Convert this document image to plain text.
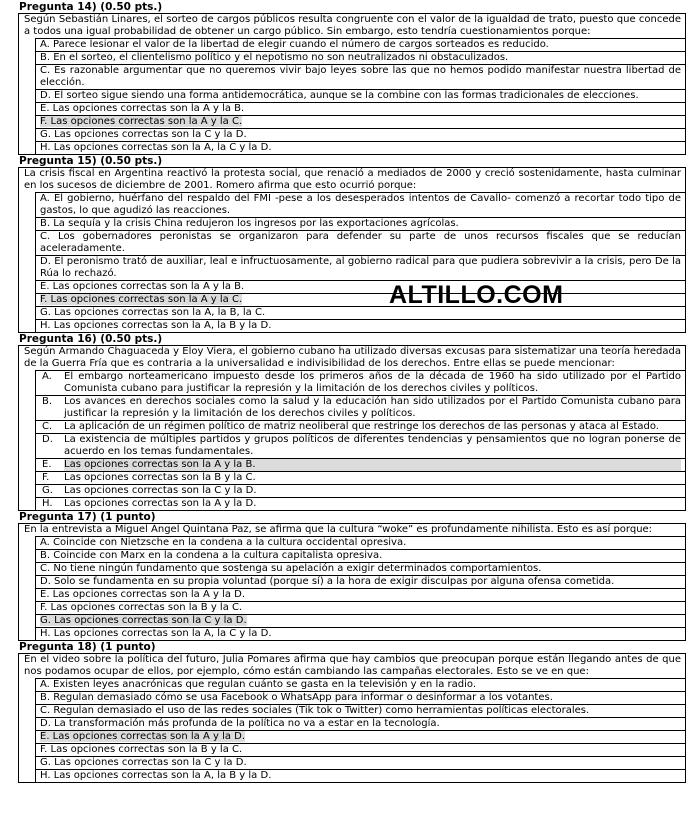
Pregunta 14) (0.50 pts.)
Según Sebastián Linares, el sorteo de cargos públicos resulta congruente con el valor de la igualdad de trato, puesto que concede a todos una igual probabilidad de obtener un cargo público. Sin embargo, esto tendría cuestionamientos porque:
A. Parece lesionar el valor de la libertad de elegir cuando el número de cargos sorteados es reducido.
B. En el sorteo, el clientelismo político y el nepotismo no son neutralizados ni obstaculizados.
C. Es razonable argumentar que no queremos vivir bajo leyes sobre las que no hemos podido manifestar nuestra libertad de elección.
D. El sorteo sigue siendo una forma antidemocrática, aunque se la combine con las formas tradicionales de elecciones.
E. Las opciones correctas son la A y la B.
F. Las opciones correctas son la A y la C.
G. Las opciones correctas son la C y la D.
H. Las opciones correctas son la A, la C y la D.
Pregunta 15) (0.50 pts.)
La crisis fiscal en Argentina reactivó la protesta social, que renació a mediados de 2000 y creció sostenidamente, hasta culminar en los sucesos de diciembre de 2001. Romero afirma que esto ocurrió porque:
A. El gobierno, huérfano del respaldo del FMI -pese a los desesperados intentos de Cavallo- comenzó a recortar todo tipo de gastos, lo que agudizó las reacciones.
B. La sequía y la crisis China redujeron los ingresos por las exportaciones agrícolas.
C. Los gobernadores peronistas se organizaron para defender su parte de unos recursos fiscales que se reducían aceleradamente.
D. El peronismo trató de auxiliar, leal e infructuosamente, al gobierno radical para que pudiera sobrevivir a la crisis, pero De la Rúa lo rechazó.
E. Las opciones correctas son la A y la B.
F. Las opciones correctas son la A y la C.
G. Las opciones correctas son la A, la B, la C.
H. Las opciones correctas son la A, la B y la D.
Pregunta 16) (0.50 pts.)
Según Armando Chaguaceda y Eloy Viera, el gobierno cubano ha utilizado diversas excusas para sistematizar una teoría heredada de la Guerra Fría que es contraria a la universalidad e indivisibilidad de los derechos. Entre ellas se puede mencionar:
A.	El embargo norteamericano impuesto desde los primeros años de la década de 1960 ha sido utilizado por el Partido Comunista cubano para justificar la represión y la limitación de los derechos civiles y políticos.
B.	Los avances en derechos sociales como la salud y la educación han sido utilizados por el Partido Comunista cubano para justificar la represión y la limitación de los derechos civiles y políticos.
C.	La aplicación de un régimen político de matriz neoliberal que restringe los derechos de las personas y ataca al Estado.
D.	La existencia de múltiples partidos y grupos políticos de diferentes tendencias y pensamientos que no logran ponerse de acuerdo en los temas fundamentales.
E.	Las opciones correctas son la A y la B.
F.	Las opciones correctas son la B y la C.
G.	Las opciones correctas son la C y la D.
H.	Las opciones correctas son la A y la D.
Pregunta 17) (1 punto)
En la entrevista a Miguel Ángel Quintana Paz, se afirma que la cultura “woke” es profundamente nihilista. Esto es así porque:
A. Coincide con Nietzsche en la condena a la cultura occidental opresiva.
B. Coincide con Marx en la condena a la cultura capitalista opresiva.
C. No tiene ningún fundamento que sostenga su apelación a exigir determinados comportamientos.
D. Solo se fundamenta en su propia voluntad (porque sí) a la hora de exigir disculpas por alguna ofensa cometida.
E. Las opciones correctas son la A y la D.
F. Las opciones correctas son la B y la C.
G. Las opciones correctas son la C y la D.
H. Las opciones correctas son la A, la C y la D.
Pregunta 18) (1 punto)
En el video sobre la política del futuro, Julia Pomares afirma que hay cambios que preocupan porque están llegando antes de que nos podamos ocupar de ellos, por ejemplo, cómo están cambiando las campañas electorales. Esto se ve en que:
A. Existen leyes anacrónicas que regulan cuánto se gasta en la televisión y en la radio.
B. Regulan demasiado cómo se usa Facebook o WhatsApp para informar o desinformar a los votantes.
C. Regulan demasiado el uso de las redes sociales (Tik tok o Twitter) como herramientas políticas electorales.
D. La transformación más profunda de la política no va a estar en la tecnología.
E. Las opciones correctas son la A y la D.
F. Las opciones correctas son la B y la C.
G. Las opciones correctas son la C y la D.
H. Las opciones correctas son la A, la B y la D.
ALTILLO.COM
